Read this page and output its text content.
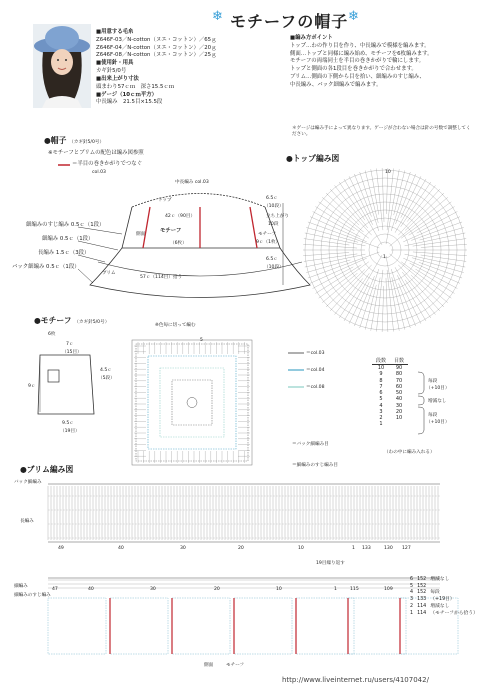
❄ モチーフの帽子 ❄
■用意する毛糸
Z646F-03／N-cotton（ヌエ・コットン）／65ｇ
Z646F-04／N-cotton（ヌエ・コットン）／20ｇ
Z646F-08／N-cotton（ヌエ・コットン）／25ｇ
■使用針・用具
カギ針5/0号
■出来上がり寸法
頭まわり57ｃｍ　深さ15.5ｃｍ
■ゲージ（10ｃｍ平方）
中長編み　 21.5目×15.5段
■編み方ポイント
トップ…わの作り目を作り、中長編みで模様を編みます。
側面…トップと同様に編み始め、モチーフを6枚編みます。
モチーフの両端同士を半目の巻きかがりで輪にします。
トップと側面の各1段目を巻きかがりで合わせます。
ブリム…側面の下側から目を拾い、細編みのすじ編み、
中長編み、バック細編みで編みます。
＊ゲージは編み手によって異なります。ゲージが合わない場合は針の号数で調整してください。
●帽子 （カギ針5/0号）
※モチーフとブリムの配色は編み図参照
＝半目の巻きかがりでつなぐ
col.03
中長編み col.03
42ｃ（90目）
トップ
側面
モチーフ
（6枚）
6.5ｃ
（10段）
立ち上がり
10段
モチーフ
9ｃ（1枚）
6.5ｃ
（10段）
細編みのすじ編み 0.5ｃ（1段）
細編み 0.5ｃ（1段）
長編み 1.5ｃ（3段）
バック細編み 0.5ｃ（1段）
ブリム
57ｃ（114目）拾う
●トップ編み図
10
1
●モチーフ （カギ針5/0号）
6枚
7ｃ
（15目）
9ｃ
4.5ｃ
（5段）
9.5ｃ
（19目）
※色毎に切って編む
5
＝col.03
＝col.04
＝col.08
＝バック細編み目
＝細編みのすじ編み目
段数	目数
10	90
9	80
8	70
7	60
6	50
5	40
4	30
3	20
2	10
1	
毎段
（+10目）
増減なし
毎段
（+10目）
（わの中に編み入れる）
●ブリム編み図
バック細編み
長編み
細編み
細編みのすじ編み
49	40	30	20	10	1 133	130 127
19目繰り返す
47	40	30	20	10	1	115	109
6	152	増減なし
5	152	
4	152	毎段
3	133	（+19目）
2	114	増減なし
1	114	（モチーフから拾う）
側面	モチーフ
http://www.liveinternet.ru/users/4107042/
